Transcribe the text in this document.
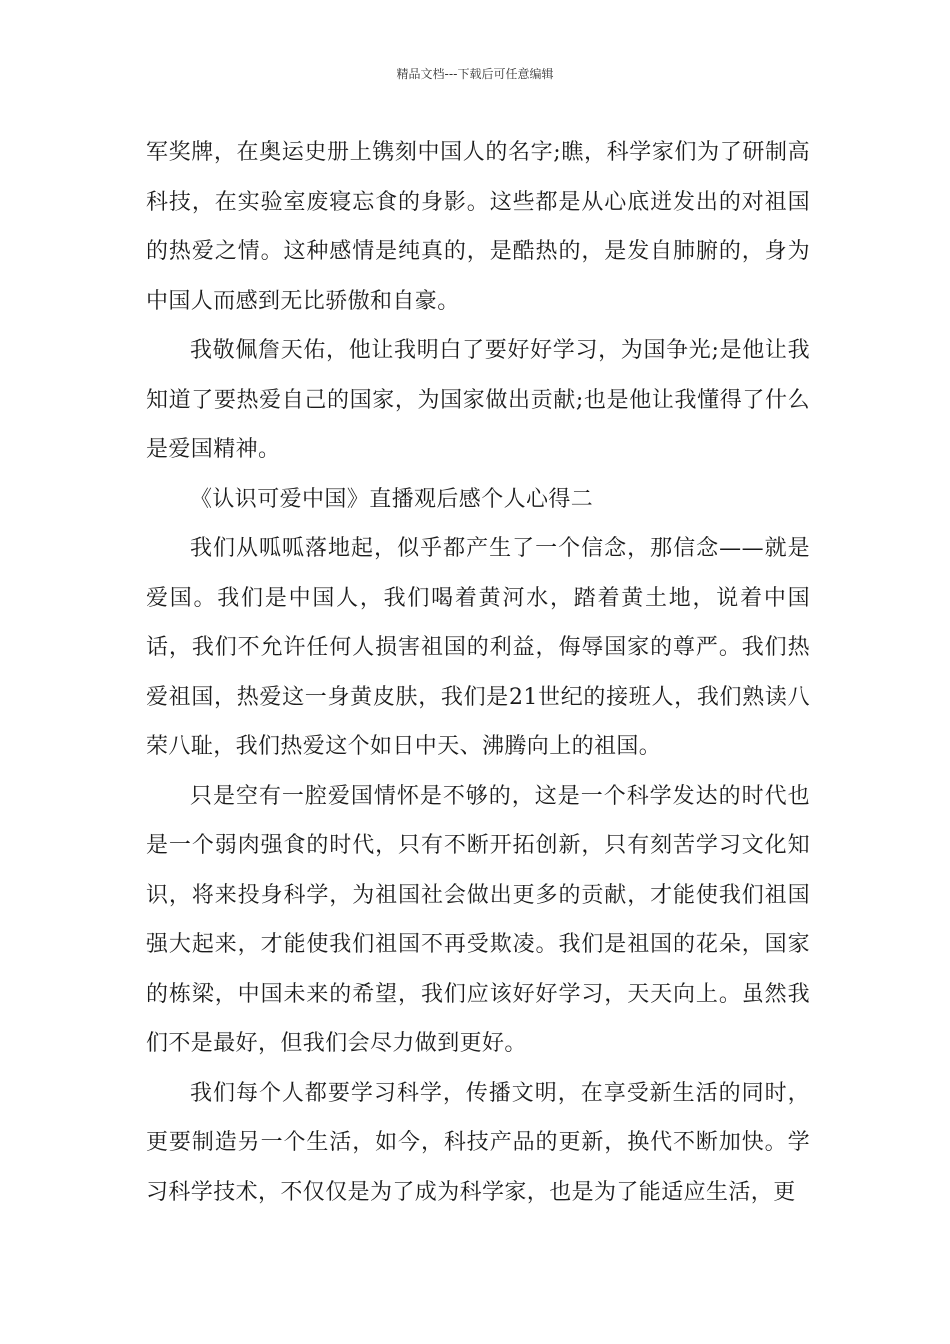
精品文档---下载后可任意编辑

军奖牌，在奥运史册上镌刻中国人的名字;瞧，科学家们为了研制高科技，在实验室废寝忘食的身影。这些都是从心底迸发出的对祖国的热爱之情。这种感情是纯真的，是酷热的，是发自肺腑的，身为中国人而感到无比骄傲和自豪。

我敬佩詹天佑，他让我明白了要好好学习，为国争光;是他让我知道了要热爱自己的国家，为国家做出贡献;也是他让我懂得了什么是爱国精神。

《认识可爱中国》直播观后感个人心得二

我们从呱呱落地起，似乎都产生了一个信念，那信念——就是爱国。我们是中国人，我们喝着黄河水，踏着黄土地，说着中国话，我们不允许任何人损害祖国的利益，侮辱国家的尊严。我们热爱祖国，热爱这一身黄皮肤，我们是21世纪的接班人，我们熟读八荣八耻，我们热爱这个如日中天、沸腾向上的祖国。

只是空有一腔爱国情怀是不够的，这是一个科学发达的时代也是一个弱肉强食的时代，只有不断开拓创新，只有刻苦学习文化知识，将来投身科学，为祖国社会做出更多的贡献，才能使我们祖国强大起来，才能使我们祖国不再受欺凌。我们是祖国的花朵，国家的栋梁，中国未来的希望，我们应该好好学习，天天向上。虽然我们不是最好，但我们会尽力做到更好。

我们每个人都要学习科学，传播文明，在享受新生活的同时，更要制造另一个生活，如今，科技产品的更新，换代不断加快。学习科学技术，不仅仅是为了成为科学家，也是为了能适应生活，更
